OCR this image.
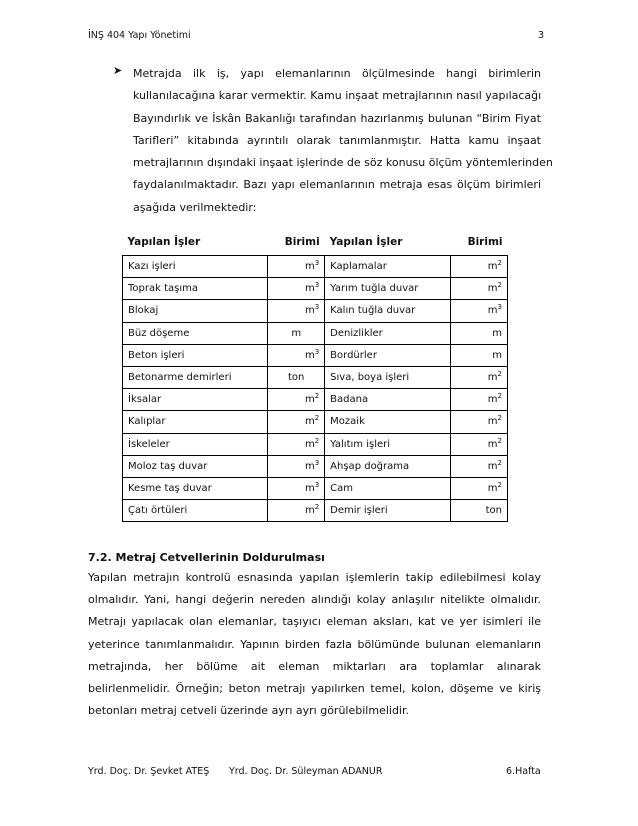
İNŞ 404 Yapı Yönetimi	3
➤ Metrajda ilk iş, yapı elemanlarının ölçülmesinde hangi birimlerin
kullanılacağına karar vermektir. Kamu inşaat metrajlarının nasıl yapılacağı
Bayındırlık ve İskân Bakanlığı tarafından hazırlanmış bulunan “Birim Fiyat
Tarifleri” kitabında ayrıntılı olarak tanımlanmıştır. Hatta kamu inşaat
metrajlarının dışındaki inşaat işlerinde de söz konusu ölçüm yöntemlerinden
faydalanılmaktadır. Bazı yapı elemanlarının metraja esas ölçüm birimleri
aşağıda verilmektedir:
Yapılan İşler	Birimi	Yapılan İşler	Birimi
Kazı işleri	$m^3$	Kaplamalar	$m^2$
Toprak taşıma	$m^3$	Yarım tuğla duvar	$m^2$
Blokaj	$m^3$	Kalın tuğla duvar	$m^3$
Büz döşeme	m	Denizlikler	m
Beton işleri	$m^3$	Bordürler	m
Betonarme demirleri	ton	Sıva, boya işleri	$m^2$
İksalar	$m^2$	Badana	$m^2$
Kalıplar	$m^2$	Mozaik	$m^2$
İskeleler	$m^2$	Yalıtım işleri	$m^2$
Moloz taş duvar	$m^3$	Ahşap doğrama	$m^2$
Kesme taş duvar	$m^3$	Cam	$m^2$
Çatı örtüleri	$m^2$	Demir işleri	ton
7.2. Metraj Cetvellerinin Doldurulması
Yapılan metrajın kontrolü esnasında yapılan işlemlerin takip edilebilmesi kolay
olmalıdır. Yani, hangi değerin nereden alındığı kolay anlaşılır nitelikte olmalıdır.
Metrajı yapılacak olan elemanlar, taşıyıcı eleman aksları, kat ve yer isimleri ile
yeterince tanımlanmalıdır. Yapının birden fazla bölümünde bulunan elemanların
metrajında, her bölüme ait eleman miktarları ara toplamlar alınarak
belirlenmelidir. Örneğin; beton metrajı yapılırken temel, kolon, döşeme ve kiriş
betonları metraj cetveli üzerinde ayrı ayrı görülebilmelidir.
Yrd. Doç. Dr. Şevket ATEŞ Yrd. Doç. Dr. Süleyman ADANUR	6.Hafta
